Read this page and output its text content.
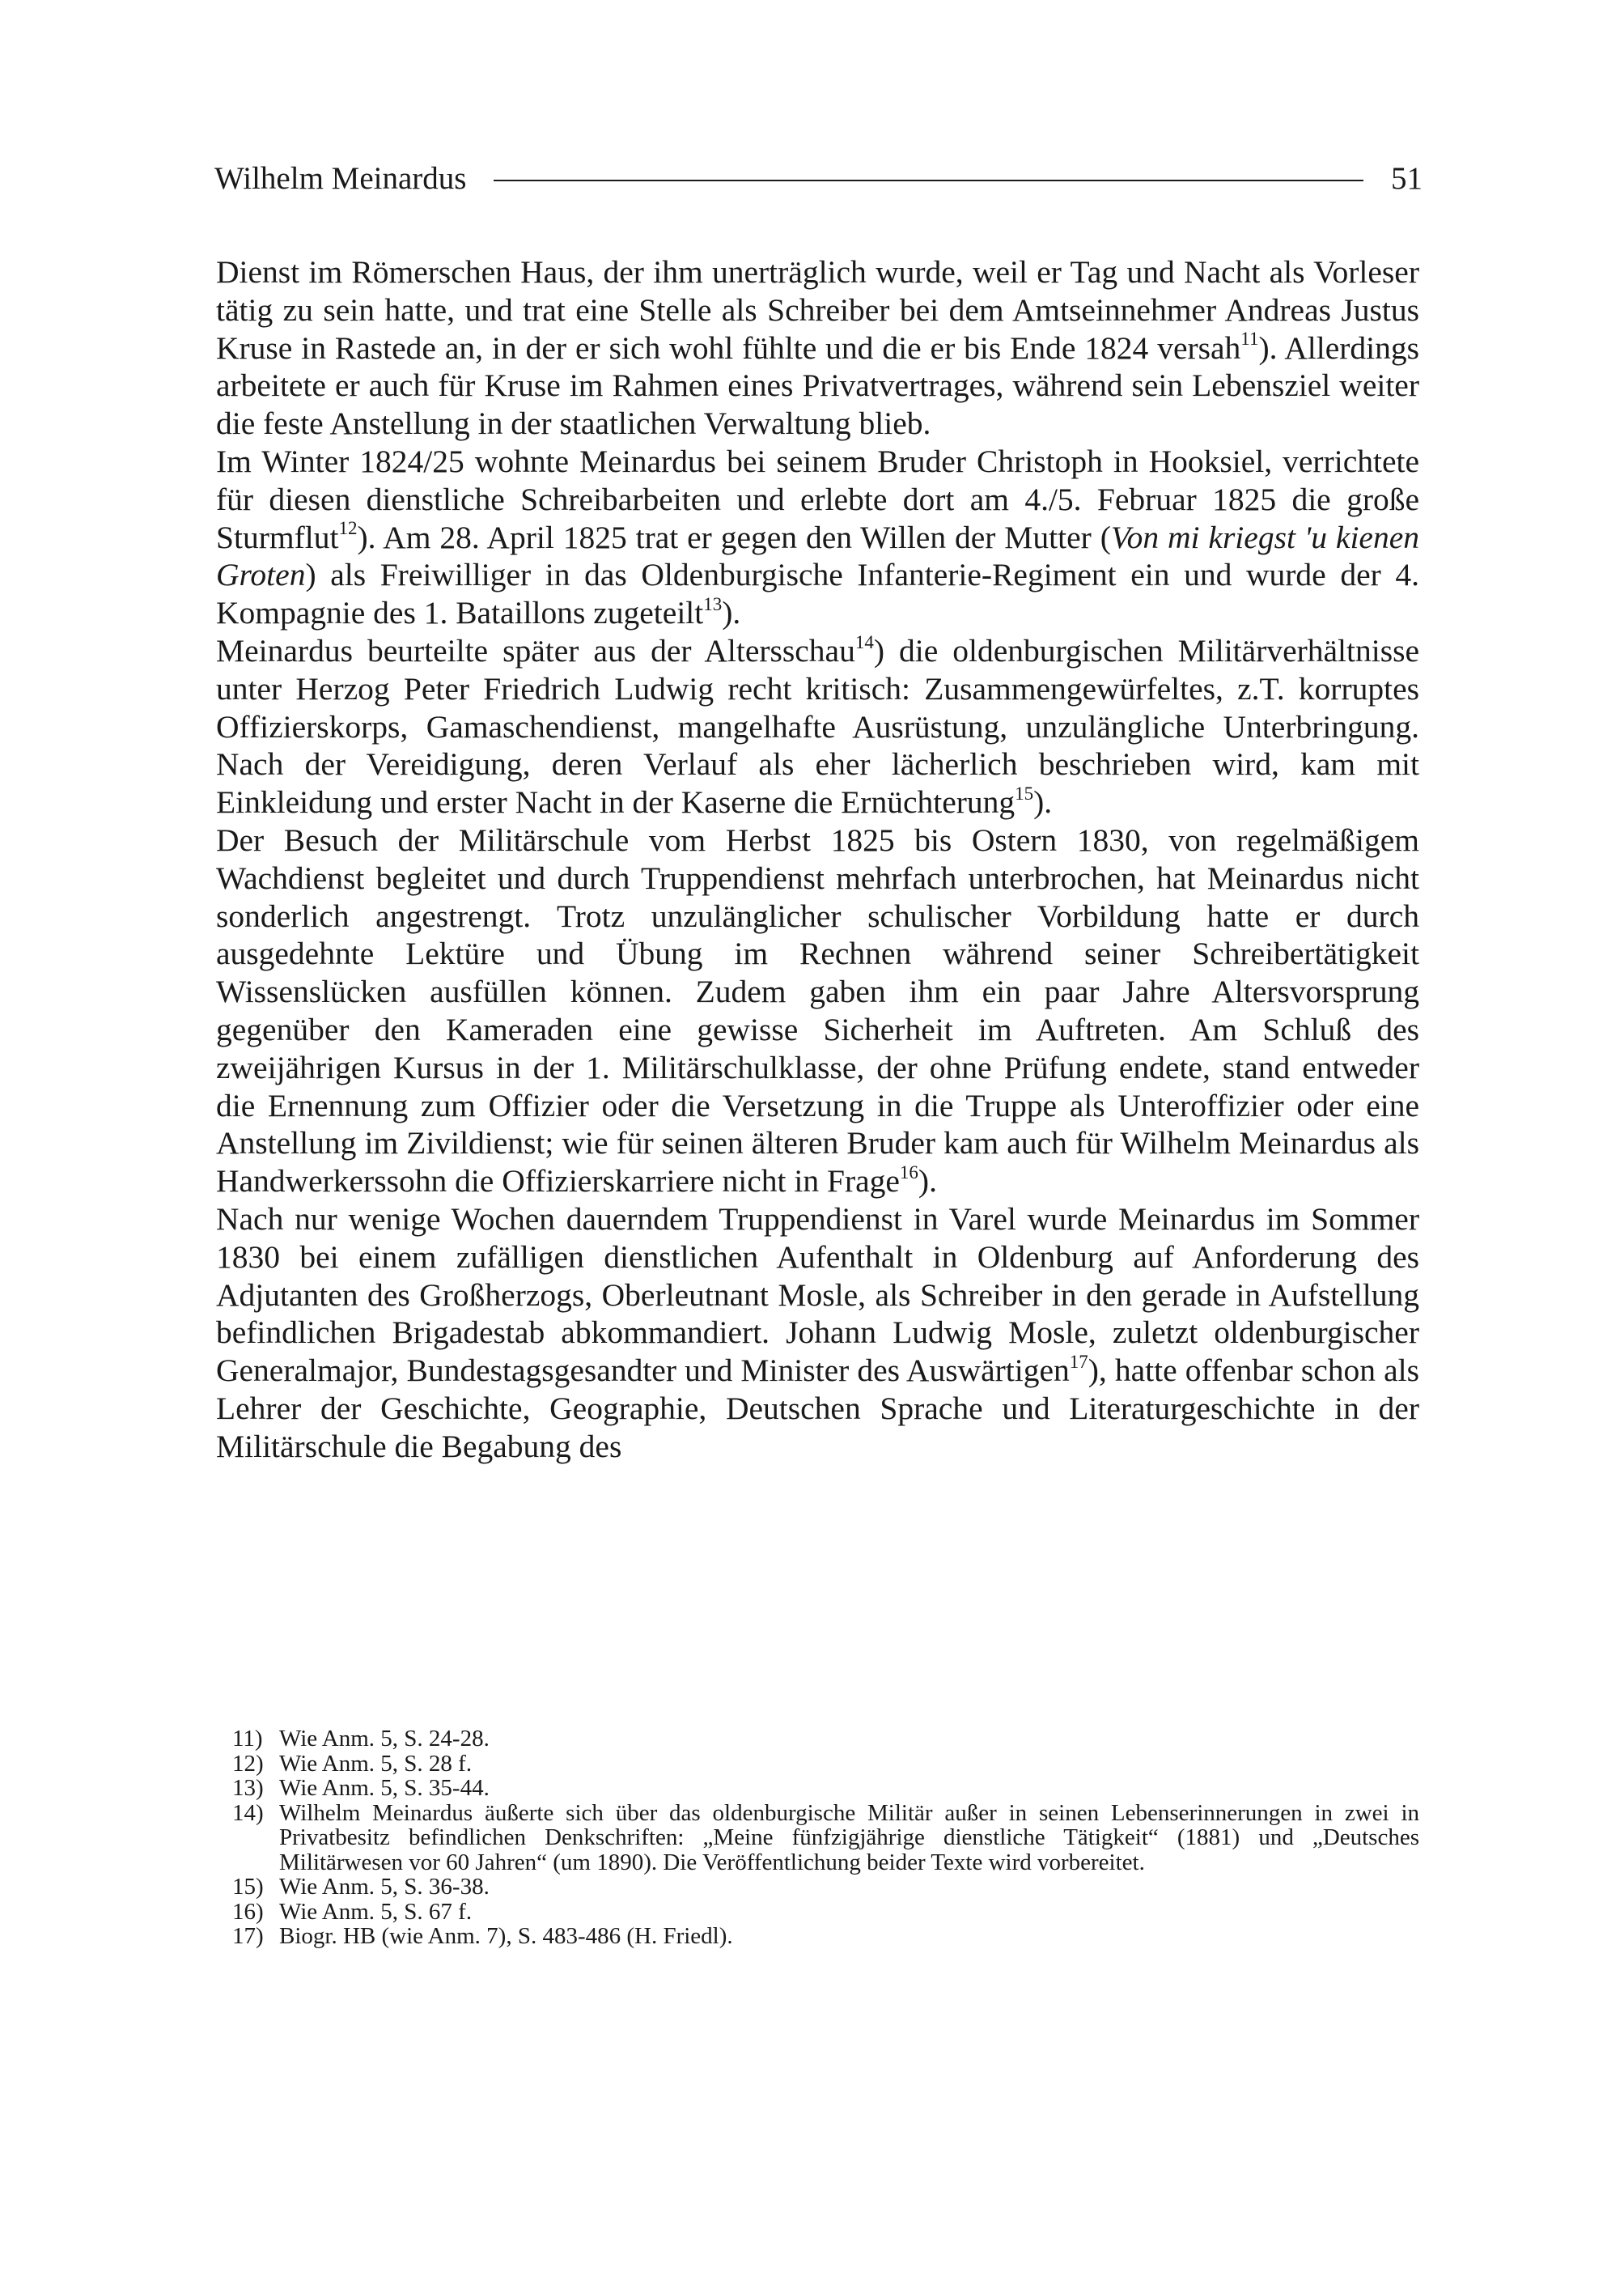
Wilhelm Meinardus	51

Dienst im Römerschen Haus, der ihm unerträglich wurde, weil er Tag und Nacht als Vorleser tätig zu sein hatte, und trat eine Stelle als Schreiber bei dem Amtseinnehmer Andreas Justus Kruse in Rastede an, in der er sich wohl fühlte und die er bis Ende 1824 versah$^{11}$). Allerdings arbeitete er auch für Kruse im Rahmen eines Privatvertrages, während sein Lebensziel weiter die feste Anstellung in der staatlichen Verwaltung blieb.

Im Winter 1824/25 wohnte Meinardus bei seinem Bruder Christoph in Hooksiel, verrichtete für diesen dienstliche Schreibarbeiten und erlebte dort am 4./5. Februar 1825 die große Sturmflut$^{12}$). Am 28. April 1825 trat er gegen den Willen der Mutter (Von mi kriegst 'u kienen Groten) als Freiwilliger in das Oldenburgische Infanterie-Regiment ein und wurde der 4. Kompagnie des 1. Bataillons zugeteilt$^{13}$).

Meinardus beurteilte später aus der Altersschau$^{14}$) die oldenburgischen Militärverhältnisse unter Herzog Peter Friedrich Ludwig recht kritisch: Zusammengewürfeltes, z.T. korruptes Offizierskorps, Gamaschendienst, mangelhafte Ausrüstung, unzulängliche Unterbringung. Nach der Vereidigung, deren Verlauf als eher lächerlich beschrieben wird, kam mit Einkleidung und erster Nacht in der Kaserne die Ernüchterung$^{15}$).

Der Besuch der Militärschule vom Herbst 1825 bis Ostern 1830, von regelmäßigem Wachdienst begleitet und durch Truppendienst mehrfach unterbrochen, hat Meinardus nicht sonderlich angestrengt. Trotz unzulänglicher schulischer Vorbildung hatte er durch ausgedehnte Lektüre und Übung im Rechnen während seiner Schreibertätigkeit Wissenslücken ausfüllen können. Zudem gaben ihm ein paar Jahre Altersvorsprung gegenüber den Kameraden eine gewisse Sicherheit im Auftreten. Am Schluß des zweijährigen Kursus in der 1. Militärschulklasse, der ohne Prüfung endete, stand entweder die Ernennung zum Offizier oder die Versetzung in die Truppe als Unteroffizier oder eine Anstellung im Zivildienst; wie für seinen älteren Bruder kam auch für Wilhelm Meinardus als Handwerkerssohn die Offizierskarriere nicht in Frage$^{16}$).

Nach nur wenige Wochen dauerndem Truppendienst in Varel wurde Meinardus im Sommer 1830 bei einem zufälligen dienstlichen Aufenthalt in Oldenburg auf Anforderung des Adjutanten des Großherzogs, Oberleutnant Mosle, als Schreiber in den gerade in Aufstellung befindlichen Brigadestab abkommandiert. Johann Ludwig Mosle, zuletzt oldenburgischer Generalmajor, Bundestagsgesandter und Minister des Auswärtigen$^{17}$), hatte offenbar schon als Lehrer der Geschichte, Geographie, Deutschen Sprache und Literaturgeschichte in der Militärschule die Begabung des

11) Wie Anm. 5, S. 24-28.
12) Wie Anm. 5, S. 28 f.
13) Wie Anm. 5, S. 35-44.
14) Wilhelm Meinardus äußerte sich über das oldenburgische Militär außer in seinen Lebenserinnerungen in zwei in Privatbesitz befindlichen Denkschriften: „Meine fünfzigjährige dienstliche Tätigkeit“ (1881) und „Deutsches Militärwesen vor 60 Jahren“ (um 1890). Die Veröffentlichung beider Texte wird vorbereitet.
15) Wie Anm. 5, S. 36-38.
16) Wie Anm. 5, S. 67 f.
17) Biogr. HB (wie Anm. 7), S. 483-486 (H. Friedl).
